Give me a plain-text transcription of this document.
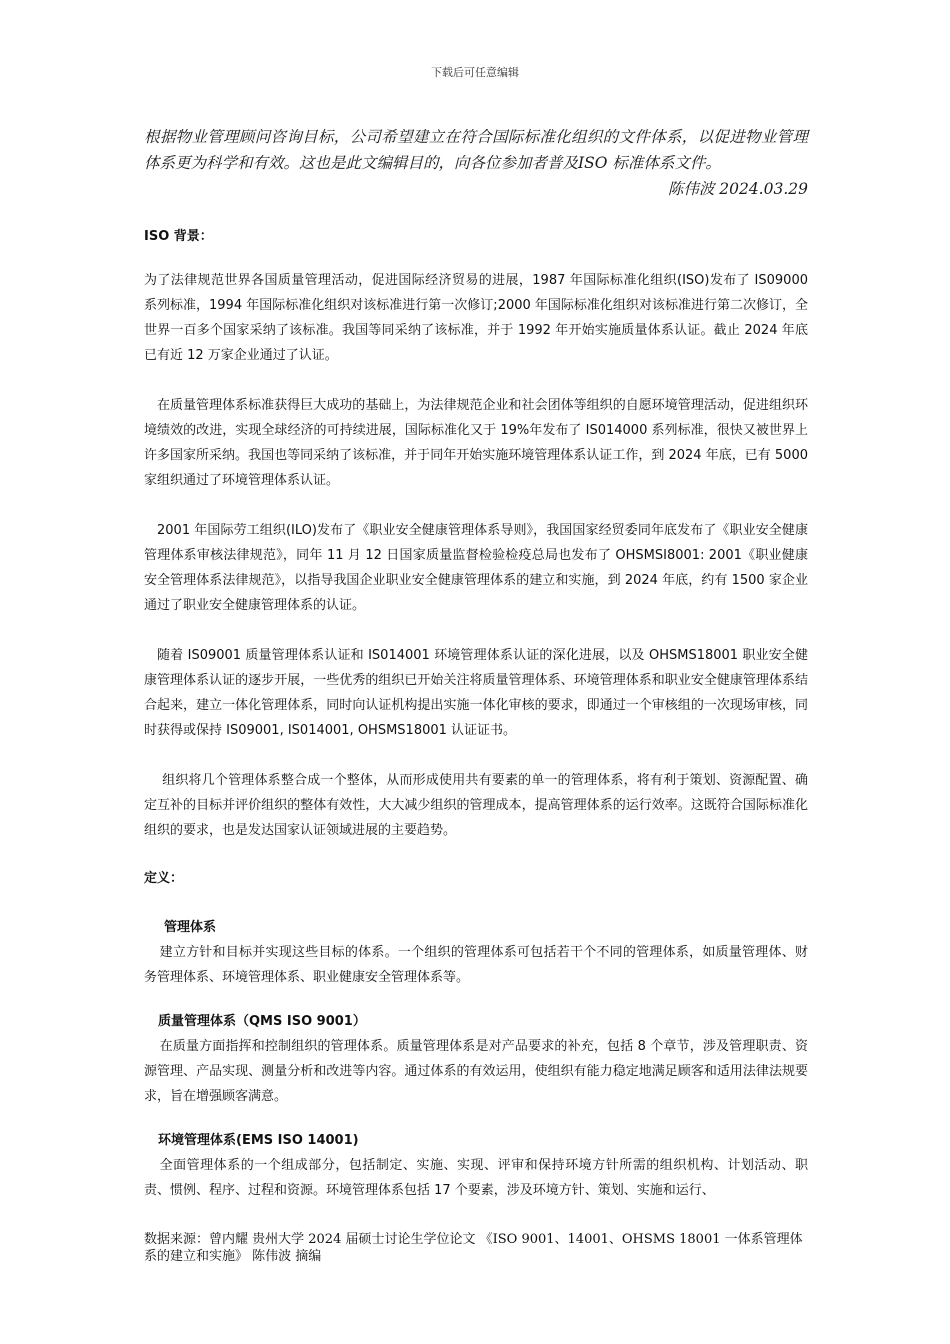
下载后可任意编辑

根据物业管理顾问咨询目标，公司希望建立在符合国际标准化组织的文件体系，以促进物业管理体系更为科学和有效。这也是此文编辑目的，向各位参加者普及ISO 标准体系文件。

陈伟波 2024.03.29

ISO 背景：

为了法律规范世界各国质量管理活动，促进国际经济贸易的进展，1987 年国际标准化组织(ISO)发布了 IS09000 系列标准，1994 年国际标准化组织对该标准进行第一次修订;2000 年国际标准化组织对该标准进行第二次修订，全世界一百多个国家采纳了该标准。我国等同采纳了该标准，并于 1992 年开始实施质量体系认证。截止 2024 年底已有近 12 万家企业通过了认证。

在质量管理体系标准获得巨大成功的基础上，为法律规范企业和社会团体等组织的自愿环境管理活动，促进组织环境绩效的改进，实现全球经济的可持续进展，国际标准化又于 19%年发布了 IS014000 系列标准，很快又被世界上许多国家所采纳。我国也等同采纳了该标准，并于同年开始实施环境管理体系认证工作，到 2024 年底，已有 5000 家组织通过了环境管理体系认证。

2001 年国际劳工组织(ILO)发布了《职业安全健康管理体系导则》，我国国家经贸委同年底发布了《职业安全健康管理体系审核法律规范》，同年 11 月 12 日国家质量监督检验检疫总局也发布了 OHSMSI8001: 2001《职业健康安全管理体系法律规范》，以指导我国企业职业安全健康管理体系的建立和实施，到 2024 年底，约有 1500 家企业通过了职业安全健康管理体系的认证。

随着 IS09001 质量管理体系认证和 IS014001 环境管理体系认证的深化进展，以及 OHSMS18001 职业安全健康管理体系认证的逐步开展，一些优秀的组织已开始关注将质量管理体系、环境管理体系和职业安全健康管理体系结合起来，建立一体化管理体系，同时向认证机构提出实施一体化审核的要求，即通过一个审核组的一次现场审核，同时获得或保持 IS09001, IS014001, OHSMS18001 认证证书。

组织将几个管理体系整合成一个整体，从而形成使用共有要素的单一的管理体系，将有利于策划、资源配置、确定互补的目标并评价组织的整体有效性，大大减少组织的管理成本，提高管理体系的运行效率。这既符合国际标准化组织的要求，也是发达国家认证领域进展的主要趋势。

定义：

管理体系

建立方针和目标并实现这些目标的体系。一个组织的管理体系可包括若干个不同的管理体系，如质量管理体、财务管理体系、环境管理体系、职业健康安全管理体系等。

质量管理体系（QMS ISO 9001）

在质量方面指挥和控制组织的管理体系。质量管理体系是对产品要求的补充，包括 8 个章节，涉及管理职责、资源管理、产品实现、测量分析和改进等内容。通过体系的有效运用，使组织有能力稳定地满足顾客和适用法律法规要求，旨在增强顾客满意。

环境管理体系(EMS ISO 14001)

全面管理体系的一个组成部分，包括制定、实施、实现、评审和保持环境方针所需的组织机构、计划活动、职责、惯例、程序、过程和资源。环境管理体系包括 17 个要素，涉及环境方针、策划、实施和运行、

数据来源：曾内耀 贵州大学 2024 届硕士讨论生学位论文 《ISO 9001、14001、OHSMS 18001 一体系管理体系的建立和实施》 陈伟波 摘编
